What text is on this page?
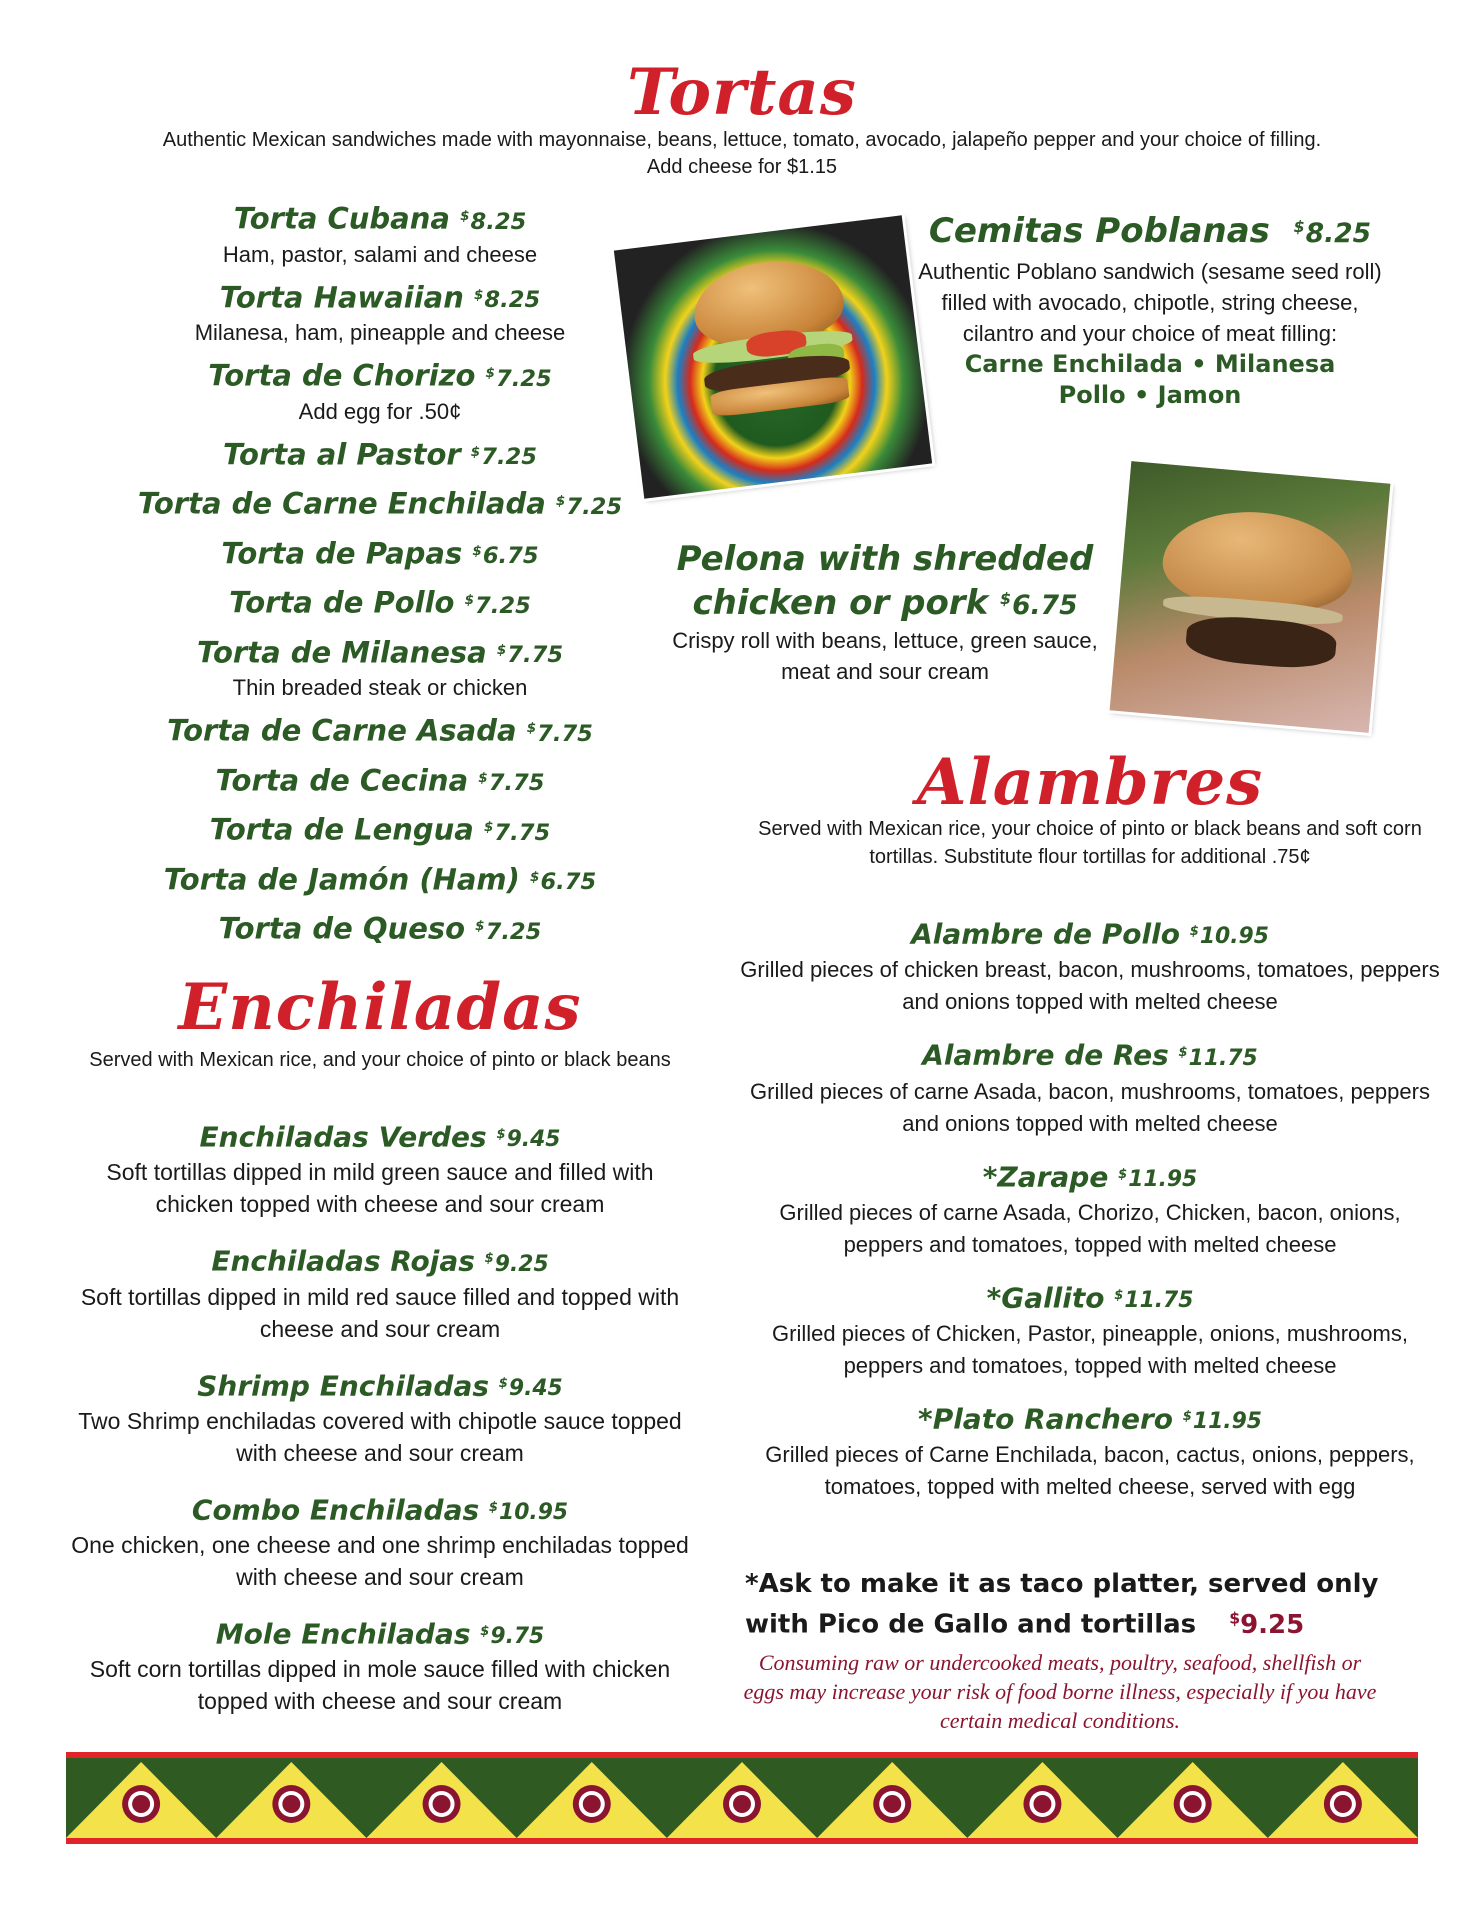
Tortas
Authentic Mexican sandwiches made with mayonnaise, beans, lettuce, tomato, avocado, jalapeño pepper and your choice of filling.
Add cheese for $1.15

Torta Cubana $8.25

Ham, pastor, salami and cheese

Torta Hawaiian $8.25

Milanesa, ham, pineapple and cheese

Torta de Chorizo $7.25

Add egg for .50¢

Torta al Pastor $7.25

Torta de Carne Enchilada $7.25

Torta de Papas $6.75

Torta de Pollo $7.25

Torta de Milanesa $7.75

Thin breaded steak or chicken

Torta de Carne Asada $7.75

Torta de Cecina $7.75

Torta de Lengua $7.75

Torta de Jamón (Ham) $6.75

Torta de Queso $7.25

Cemitas Poblanas $8.25

Authentic Poblano sandwich (sesame seed roll) filled with avocado, chipotle, string cheese, cilantro and your choice of meat filling:

Carne Enchilada • Milanesa
Pollo • Jamon

Pelona with shredded chicken or pork $6.75

Crispy roll with beans, lettuce, green sauce, meat and sour cream

Enchiladas
Served with Mexican rice, and your choice of pinto or black beans

Enchiladas Verdes $9.45

Soft tortillas dipped in mild green sauce and filled with chicken topped with cheese and sour cream

Enchiladas Rojas $9.25

Soft tortillas dipped in mild red sauce filled and topped with cheese and sour cream

Shrimp Enchiladas $9.45

Two Shrimp enchiladas covered with chipotle sauce topped with cheese and sour cream

Combo Enchiladas $10.95

One chicken, one cheese and one shrimp enchiladas topped with cheese and sour cream

Mole Enchiladas $9.75

Soft corn tortillas dipped in mole sauce filled with chicken topped with cheese and sour cream

Alambres
Served with Mexican rice, your choice of pinto or black beans and soft corn tortillas. Substitute flour tortillas for additional .75¢

Alambre de Pollo $10.95

Grilled pieces of chicken breast, bacon, mushrooms, tomatoes, peppers and onions topped with melted cheese

Alambre de Res $11.75

Grilled pieces of carne Asada, bacon, mushrooms, tomatoes, peppers and onions topped with melted cheese

*Zarape $11.95

Grilled pieces of carne Asada, Chorizo, Chicken, bacon, onions, peppers and tomatoes, topped with melted cheese

*Gallito $11.75

Grilled pieces of Chicken, Pastor, pineapple, onions, mushrooms, peppers and tomatoes, topped with melted cheese

*Plato Ranchero $11.95

Grilled pieces of Carne Enchilada, bacon, cactus, onions, peppers, tomatoes, topped with melted cheese, served with egg

*Ask to make it as taco platter, served only with Pico de Gallo and tortillas $9.25
Consuming raw or undercooked meats, poultry, seafood, shellfish or eggs may increase your risk of food borne illness, especially if you have certain medical conditions.
